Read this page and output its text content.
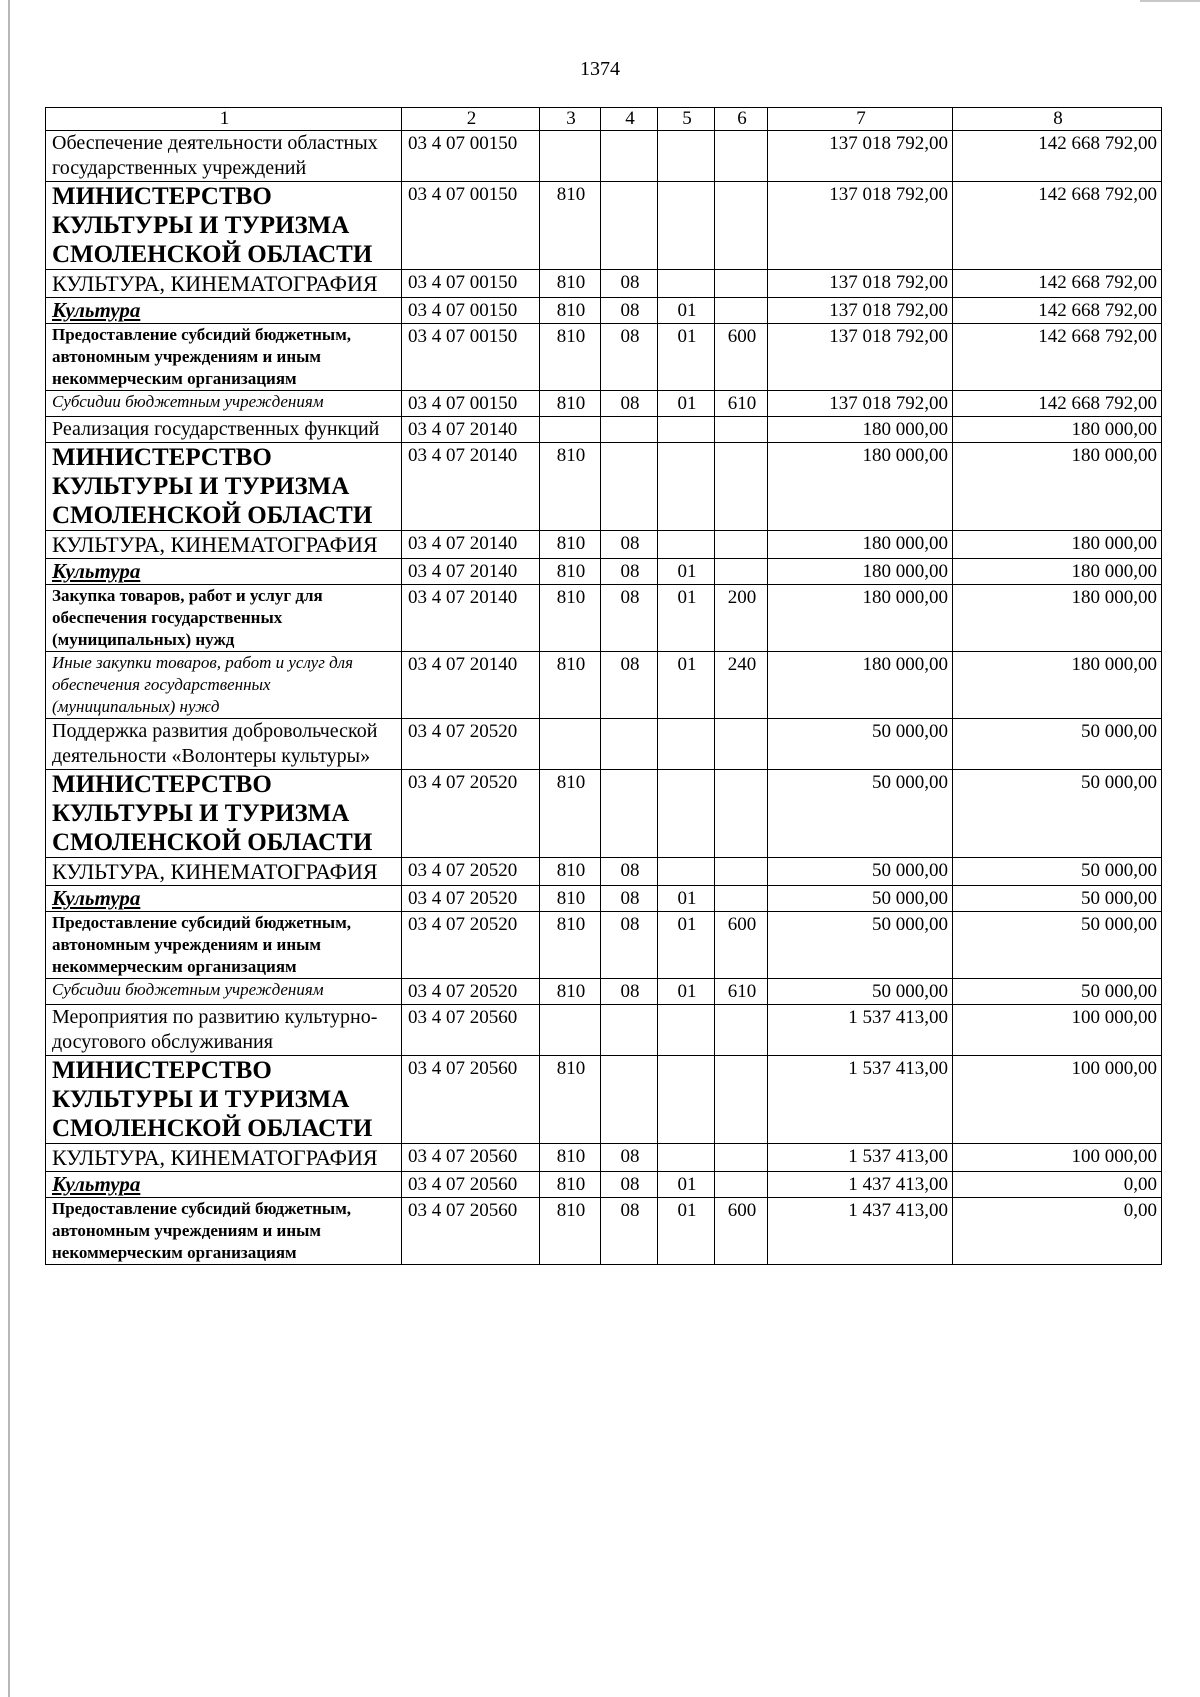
1374
1	2	3	4	5	6	7	8
Обеспечение деятельности областных государственных учреждений	03 4 07 00150					137 018 792,00	142 668 792,00
МИНИСТЕРСТВО КУЛЬТУРЫ И ТУРИЗМА СМОЛЕНСКОЙ ОБЛАСТИ	03 4 07 00150	810				137 018 792,00	142 668 792,00
КУЛЬТУРА, КИНЕМАТОГРАФИЯ	03 4 07 00150	810	08			137 018 792,00	142 668 792,00
Культура	03 4 07 00150	810	08	01		137 018 792,00	142 668 792,00
Предоставление субсидий бюджетным, автономным учреждениям и иным некоммерческим организациям	03 4 07 00150	810	08	01	600	137 018 792,00	142 668 792,00
Субсидии бюджетным учреждениям	03 4 07 00150	810	08	01	610	137 018 792,00	142 668 792,00
Реализация государственных функций	03 4 07 20140					180 000,00	180 000,00
МИНИСТЕРСТВО КУЛЬТУРЫ И ТУРИЗМА СМОЛЕНСКОЙ ОБЛАСТИ	03 4 07 20140	810				180 000,00	180 000,00
КУЛЬТУРА, КИНЕМАТОГРАФИЯ	03 4 07 20140	810	08			180 000,00	180 000,00
Культура	03 4 07 20140	810	08	01		180 000,00	180 000,00
Закупка товаров, работ и услуг для обеспечения государственных (муниципальных) нужд	03 4 07 20140	810	08	01	200	180 000,00	180 000,00
Иные закупки товаров, работ и услуг для обеспечения государственных (муниципальных) нужд	03 4 07 20140	810	08	01	240	180 000,00	180 000,00
Поддержка развития добровольческой деятельности «Волонтеры культуры»	03 4 07 20520					50 000,00	50 000,00
МИНИСТЕРСТВО КУЛЬТУРЫ И ТУРИЗМА СМОЛЕНСКОЙ ОБЛАСТИ	03 4 07 20520	810				50 000,00	50 000,00
КУЛЬТУРА, КИНЕМАТОГРАФИЯ	03 4 07 20520	810	08			50 000,00	50 000,00
Культура	03 4 07 20520	810	08	01		50 000,00	50 000,00
Предоставление субсидий бюджетным, автономным учреждениям и иным некоммерческим организациям	03 4 07 20520	810	08	01	600	50 000,00	50 000,00
Субсидии бюджетным учреждениям	03 4 07 20520	810	08	01	610	50 000,00	50 000,00
Мероприятия по развитию культурно-досугового обслуживания	03 4 07 20560					1 537 413,00	100 000,00
МИНИСТЕРСТВО КУЛЬТУРЫ И ТУРИЗМА СМОЛЕНСКОЙ ОБЛАСТИ	03 4 07 20560	810				1 537 413,00	100 000,00
КУЛЬТУРА, КИНЕМАТОГРАФИЯ	03 4 07 20560	810	08			1 537 413,00	100 000,00
Культура	03 4 07 20560	810	08	01		1 437 413,00	0,00
Предоставление субсидий бюджетным, автономным учреждениям и иным некоммерческим организациям	03 4 07 20560	810	08	01	600	1 437 413,00	0,00
